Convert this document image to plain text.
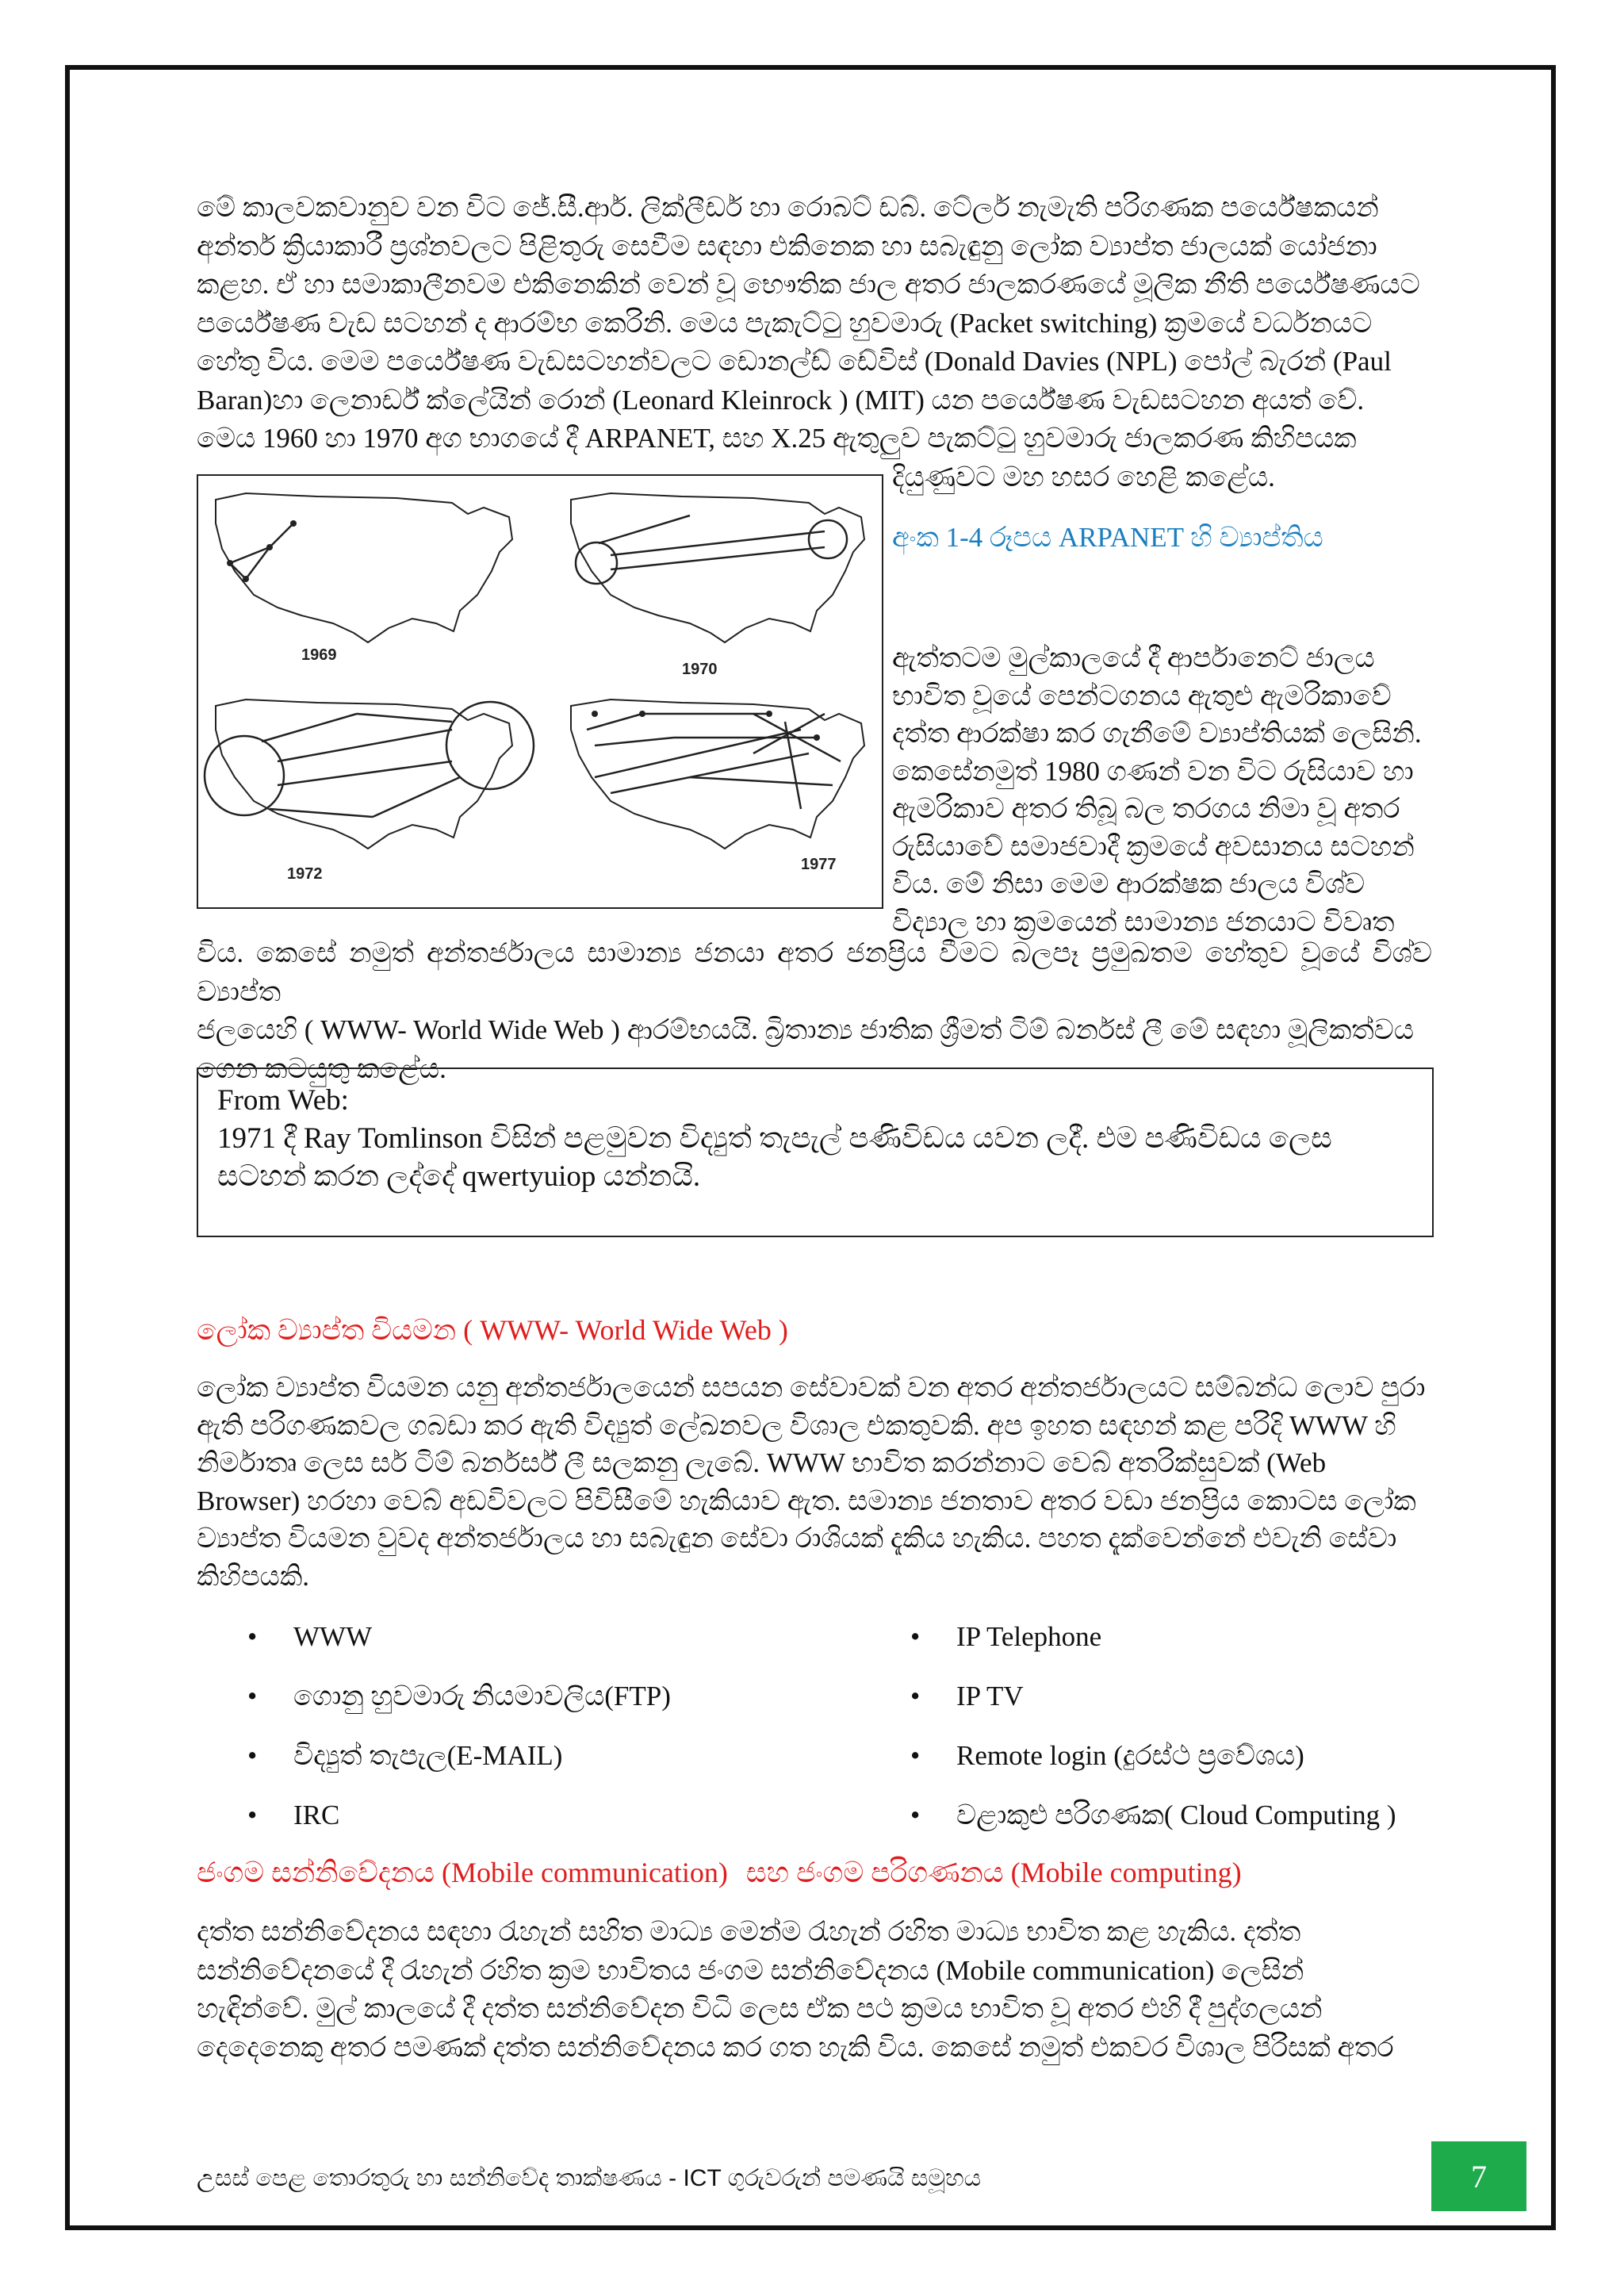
මේ කාලවකවානුව වන විට ජේ.සී.ආර්. ලික්ලීඩර් හා රොබට් ඩබ්. ටේලර් නැමැති පරිගණක පර්යේෂකයන්

අන්තර් ක්‍රියාකාරී ප්‍රශ්නවලට පිළිතුරු සෙවීම සඳහා එකිනෙක හා සබැඳුනු ලෝක ව්‍යාප්ත ජාලයක් යෝජනා

කළහ. ඒ හා සමාකාලීනවම එකිනෙකින් වෙන් වූ භෞතික ජාල අතර ජාලකරණයේ මූලික නීති පර්යේෂණයට

පර්යේෂණ වැඩ සටහන් ද ආරම්භ කෙරිනි. මෙය පැකැට්ටු හුවමාරු (Packet switching) ක්‍රමයේ වර්ධනයට

හේතු විය. මෙම පර්යේෂණ වැඩසටහන්වලට ඩොනල්ඩ් ඩේවිස් (Donald Davies (NPL) පෝල් බැරන් (Paul

Baran)හා ලෙනාර්ඩ් ක්ලේයින් රොන් (Leonard Kleinrock ) (MIT) යන පර්යේෂණ වැඩසටහන අයත් වේ.

මෙය 1960 හා 1970 අග භාගයේ දී ARPANET, සහ X.25 ඇතුලුව පැකට්ටු හුවමාරු ජාලකරණ කිහිපයක

1969
1970
1972
1977
දියුණුවට මහ හසර හෙළි කළේය.
අංක 1-4 රූපය ARPANET හි ව්‍යාප්තිය

ඇත්තටම මුල්කාලයේ දී ආර්පානෙට් ජාලය

භාවිත වූයේ පෙන්ටගනය ඇතුළු ඇමරිකාවේ

දත්ත ආරක්ෂා කර ගැනීමේ ව්‍යාප්තියක් ලෙසිනි.

කෙසේනමුත් 1980 ගණන් වන විට රුසියාව හා

ඇමරිකාව අතර තිබූ බල තරගය නිමා වූ අතර

රුසියාවේ සමාජවාදී ක්‍රමයේ අවසානය සටහන්

විය. මේ නිසා මෙම ආරක්ෂක ජාලය විශ්ව

විද්‍යාල හා ක්‍රමයෙන් සාමාන්‍ය ජනයාට විවෘත

විය. කෙසේ නමුත් අන්තර්ජාලය සාමාන්‍ය ජනයා අතර ජනප්‍රිය වීමට බලපෑ ප්‍රමුඛතම හේතුව වූයේ විශ්ව ව්‍යාප්ත

ජලයෙහි ( WWW- World Wide Web ) ආරම්භයයි. බ්‍රිතාන්‍ය ජාතික ශ්‍රීමත් ටිම් බර්නස් ලී මේ සඳහා මූලිකත්වය

ගෙන කටයුතු කළේය.

From Web:

1971 දී Ray Tomlinson විසින් පළමුවන විද්‍යුත් තැපැල් පණිවිඩය යවන ලදී. එම පණිවිඩය ලෙස

සටහන් කරන ලද්දේ qwertyuiop යන්නයි.

ලෝක ව්‍යාප්ත වියමන ( WWW- World Wide Web )

ලෝක ව්‍යාප්ත වියමන යනු අන්තර්ජාලයෙන් සපයන සේවාවක් වන අතර අන්තර්ජාලයට සම්බන්ධ ලොව පුරා

ඇති පරිගණකවල ගබඩා කර ඇති විද්‍යුත් ලේඛනවල විශාල එකතුවකි. අප ඉහත සඳහන් කළ පරිදි WWW හි

නිර්මාතෘ ලෙස සර් ටිම් බර්නර්ස් ලී සලකනු ලැබේ. WWW භාවිත කරන්නාට වෙබ් අතරික්සුවක් (Web

Browser) හරහා වෙබ් අඩවිවලට පිවිසීමේ හැකියාව ඇත. සමාන්‍ය ජනතාව අතර වඩා ජනප්‍රිය කොටස ලෝක

ව්‍යාප්ත වියමන වුවද අන්තර්ජාලය හා සබැඳුන සේවා රාශියක් දැකිය හැකිය. පහත දැක්වෙන්නේ එවැනි සේවා

කිහිපයකි.

•	WWW
•	ගොනු හුවමාරු නියමාවලිය(FTP)
•	විද්‍යුත් තැපැල(E-MAIL)
•	IRC
•	IP Telephone
•	IP TV
•	Remote login (දුරස්ථ ප්‍රවේශය)
•	වළාකුළු පරිගණක( Cloud Computing )
ජංගම සන්නිවේදනය (Mobile communication) සහ ජංගම පරිගණනය (Mobile computing)

දත්ත සන්නිවේදනය සඳහා රැහැන් සහිත මාධ්‍ය මෙන්ම රැහැන් රහිත මාධ්‍ය භාවිත කළ හැකිය. දත්ත

සන්නිවේදනයේ දී රැහැන් රහිත ක්‍රම භාවිතය ජංගම සන්නිවේදනය (Mobile communication) ලෙසින්

හැඳින්වේ. මුල් කාලයේ දී දත්ත සන්නිවේදන විධි ලෙස ඒක පථ ක්‍රමය භාවිත වූ අතර එහි දී පුද්ගලයන්

දෙදෙනෙකු අතර පමණක් දත්ත සන්නිවේදනය කර ගත හැකි විය. කෙසේ නමුත් එකවර විශාල පිරිසක් අතර

උසස් පෙළ තොරතුරු හා සන්නිවේද තාක්ෂණය - ICT ගුරුවරුන් පමණයි සමූහය	7
